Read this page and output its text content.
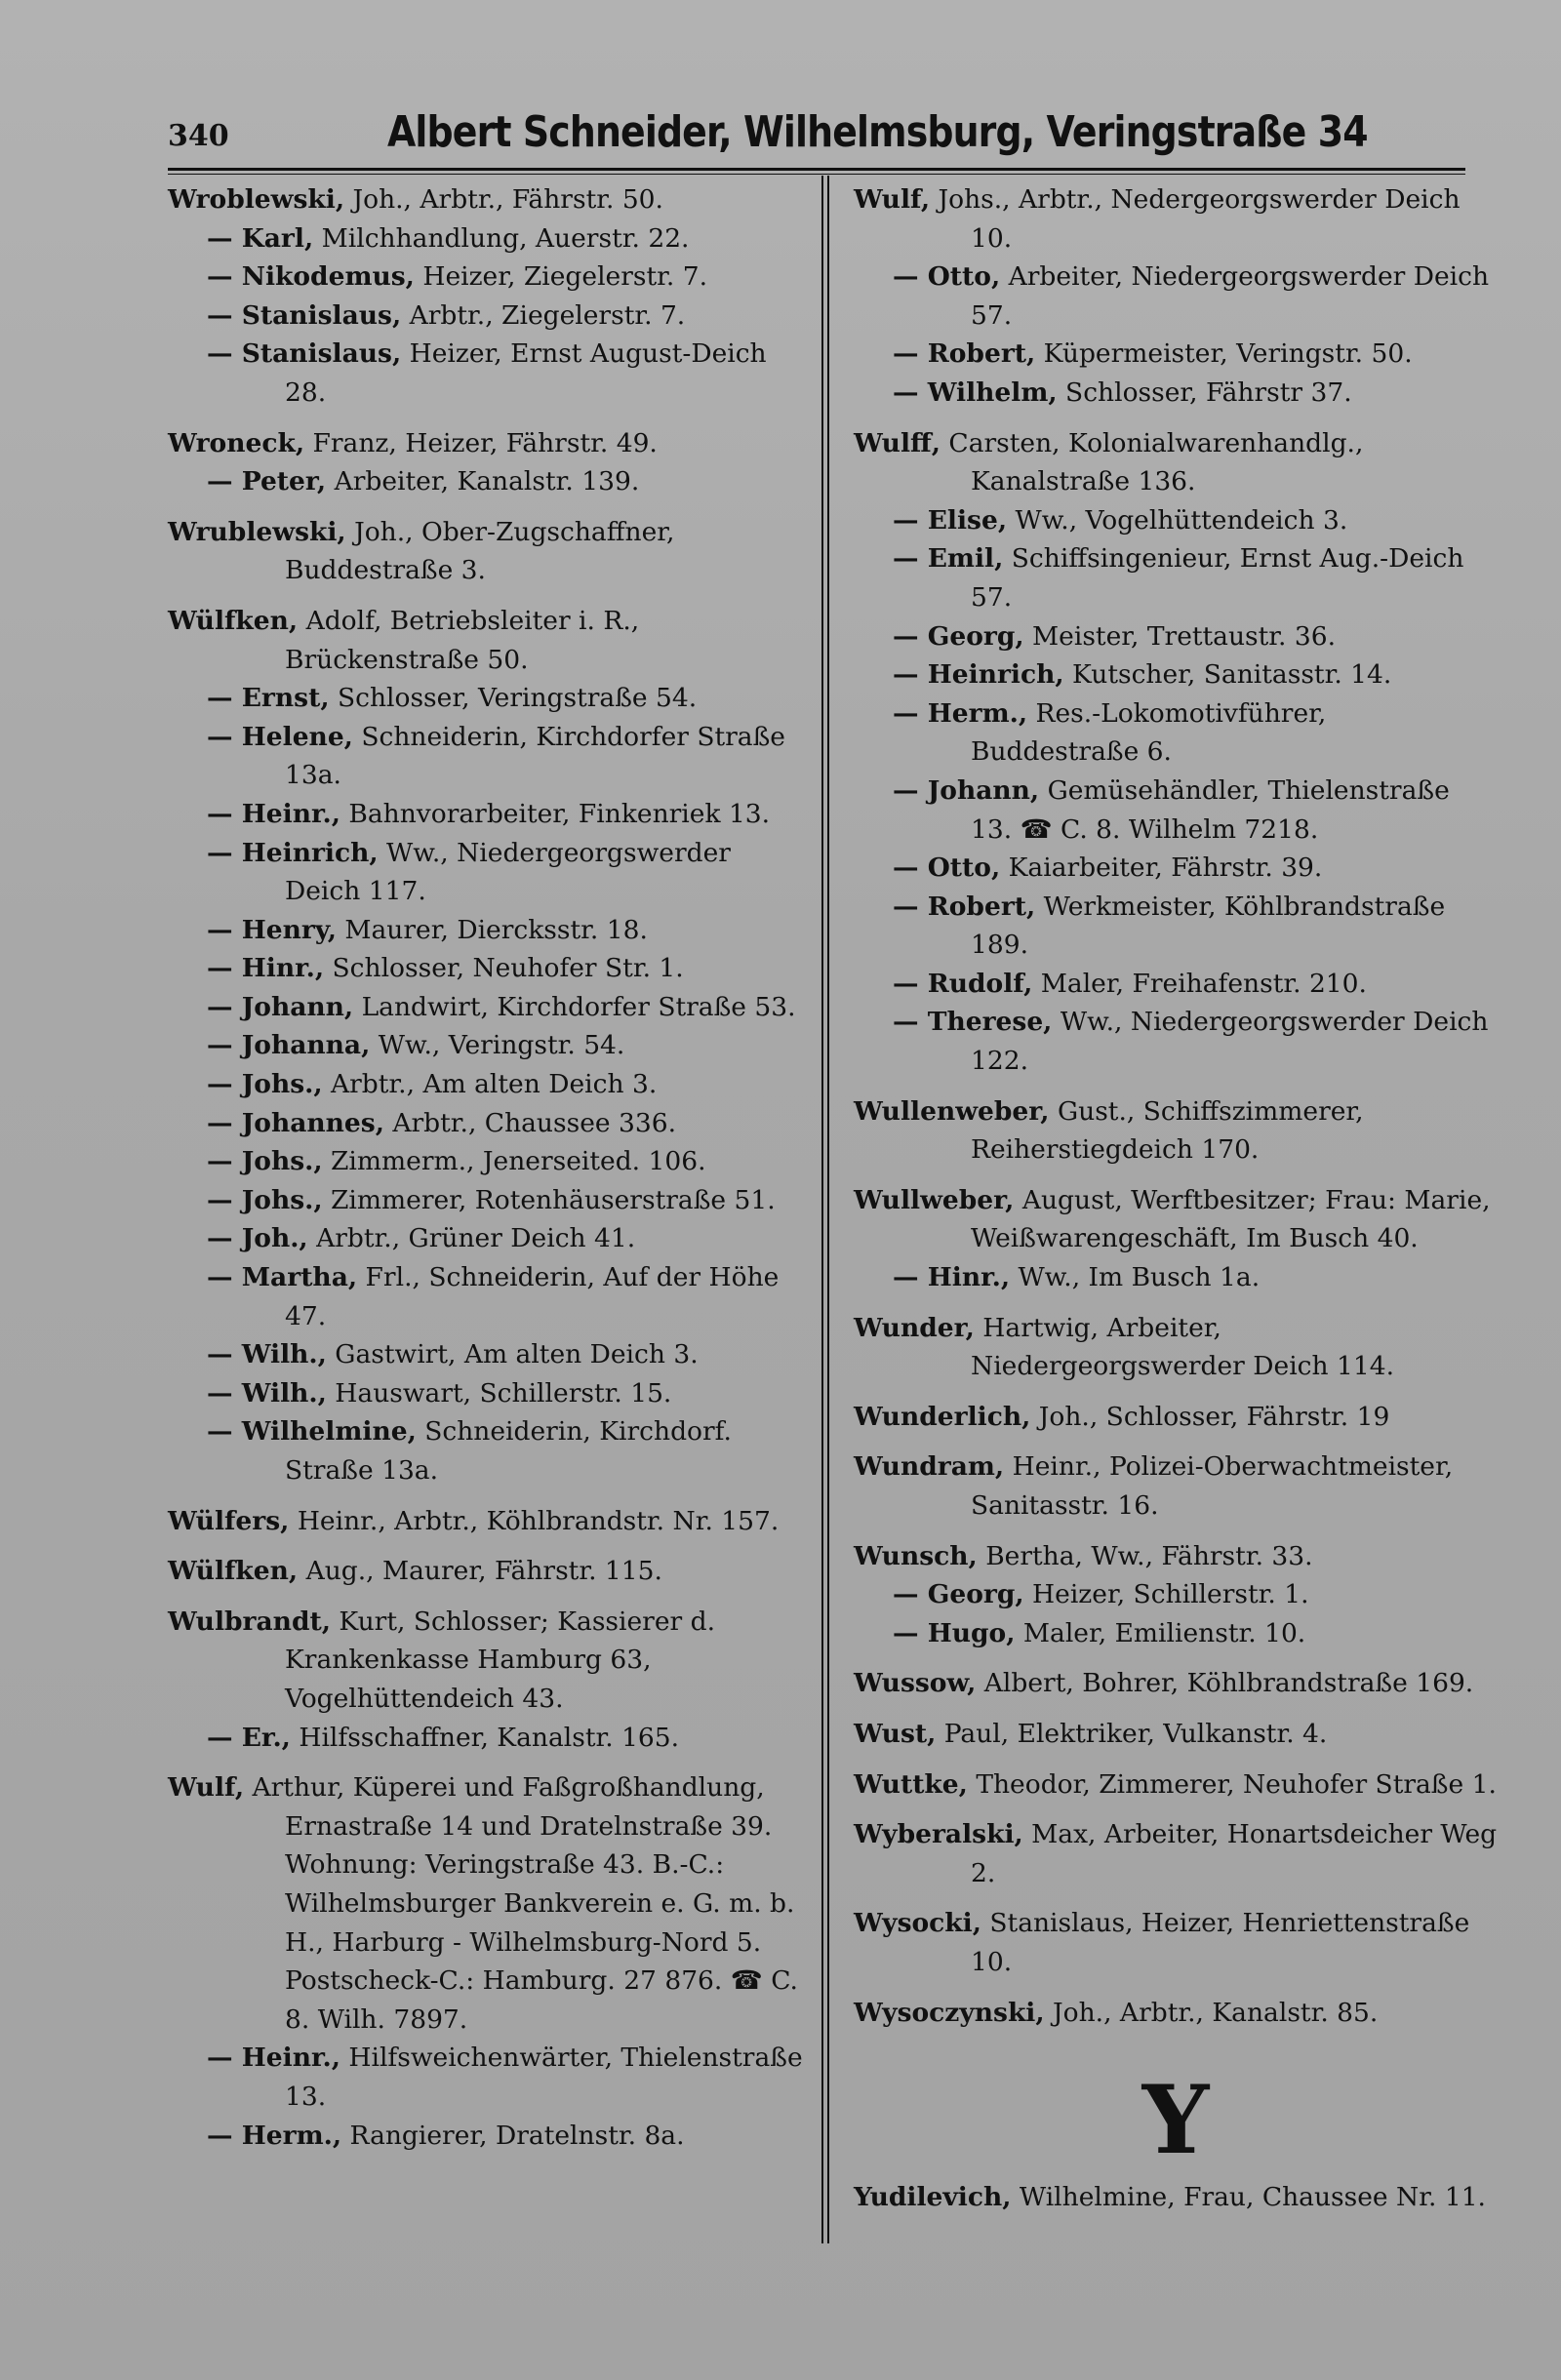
340	Albert Schneider, Wilhelmsburg, Veringstraße 34
Wroblewski, Joh., Arbtr., Fährstr. 50.
— Karl, Milchhandlung, Auerstr. 22.
— Nikodemus, Heizer, Ziegelerstr. 7.
— Stanislaus, Arbtr., Ziegelerstr. 7.
— Stanislaus, Heizer, Ernst August-Deich 28.
Wroneck, Franz, Heizer, Fährstr. 49.
— Peter, Arbeiter, Kanalstr. 139.
Wrublewski, Joh., Ober-Zugschaffner, Buddestraße 3.
Wülfken, Adolf, Betriebsleiter i. R., Brückenstraße 50.
— Ernst, Schlosser, Veringstraße 54.
— Helene, Schneiderin, Kirchdorfer Straße 13a.
— Heinr., Bahnvorarbeiter, Finkenriek 13.
— Heinrich, Ww., Niedergeorgswerder Deich 117.
— Henry, Maurer, Diercksstr. 18.
— Hinr., Schlosser, Neuhofer Str. 1.
— Johann, Landwirt, Kirchdorfer Straße 53.
— Johanna, Ww., Veringstr. 54.
— Johs., Arbtr., Am alten Deich 3.
— Johannes, Arbtr., Chaussee 336.
— Johs., Zimmerm., Jenerseited. 106.
— Johs., Zimmerer, Rotenhäuserstraße 51.
— Joh., Arbtr., Grüner Deich 41.
— Martha, Frl., Schneiderin, Auf der Höhe 47.
— Wilh., Gastwirt, Am alten Deich 3.
— Wilh., Hauswart, Schillerstr. 15.
— Wilhelmine, Schneiderin, Kirchdorf. Straße 13a.
Wülfers, Heinr., Arbtr., Köhlbrandstr. Nr. 157.
Wülfken, Aug., Maurer, Fährstr. 115.
Wulbrandt, Kurt, Schlosser; Kassierer d. Krankenkasse Hamburg 63, Vogelhüttendeich 43.
— Er., Hilfsschaffner, Kanalstr. 165.
Wulf, Arthur, Küperei und Faßgroßhandlung, Ernastraße 14 und Dratelnstraße 39. Wohnung: Veringstraße 43. B.-C.: Wilhelmsburger Bankverein e. G. m. b. H., Harburg - Wilhelmsburg-Nord 5. Postscheck-C.: Hamburg. 27 876. ☎ C. 8. Wilh. 7897.
— Heinr., Hilfsweichenwärter, Thielenstraße 13.
— Herm., Rangierer, Dratelnstr. 8a.
Wulf, Johs., Arbtr., Nedergeorgswerder Deich 10.
— Otto, Arbeiter, Niedergeorgswerder Deich 57.
— Robert, Küpermeister, Veringstr. 50.
— Wilhelm, Schlosser, Fährstr 37.
Wulff, Carsten, Kolonialwarenhandlg., Kanalstraße 136.
— Elise, Ww., Vogelhüttendeich 3.
— Emil, Schiffsingenieur, Ernst Aug.-Deich 57.
— Georg, Meister, Trettaustr. 36.
— Heinrich, Kutscher, Sanitasstr. 14.
— Herm., Res.-Lokomotivführer, Buddestraße 6.
— Johann, Gemüsehändler, Thielenstraße 13. ☎ C. 8. Wilhelm 7218.
— Otto, Kaiarbeiter, Fährstr. 39.
— Robert, Werkmeister, Köhlbrandstraße 189.
— Rudolf, Maler, Freihafenstr. 210.
— Therese, Ww., Niedergeorgswerder Deich 122.
Wullenweber, Gust., Schiffszimmerer, Reiherstiegdeich 170.
Wullweber, August, Werftbesitzer; Frau: Marie, Weißwarengeschäft, Im Busch 40.
— Hinr., Ww., Im Busch 1a.
Wunder, Hartwig, Arbeiter, Niedergeorgswerder Deich 114.
Wunderlich, Joh., Schlosser, Fährstr. 19
Wundram, Heinr., Polizei-Oberwachtmeister, Sanitasstr. 16.
Wunsch, Bertha, Ww., Fährstr. 33.
— Georg, Heizer, Schillerstr. 1.
— Hugo, Maler, Emilienstr. 10.
Wussow, Albert, Bohrer, Köhlbrandstraße 169.
Wust, Paul, Elektriker, Vulkanstr. 4.
Wuttke, Theodor, Zimmerer, Neuhofer Straße 1.
Wyberalski, Max, Arbeiter, Honartsdeicher Weg 2.
Wysocki, Stanislaus, Heizer, Henriettenstraße 10.
Wysoczynski, Joh., Arbtr., Kanalstr. 85.
Y
Yudilevich, Wilhelmine, Frau, Chaussee Nr. 11.
